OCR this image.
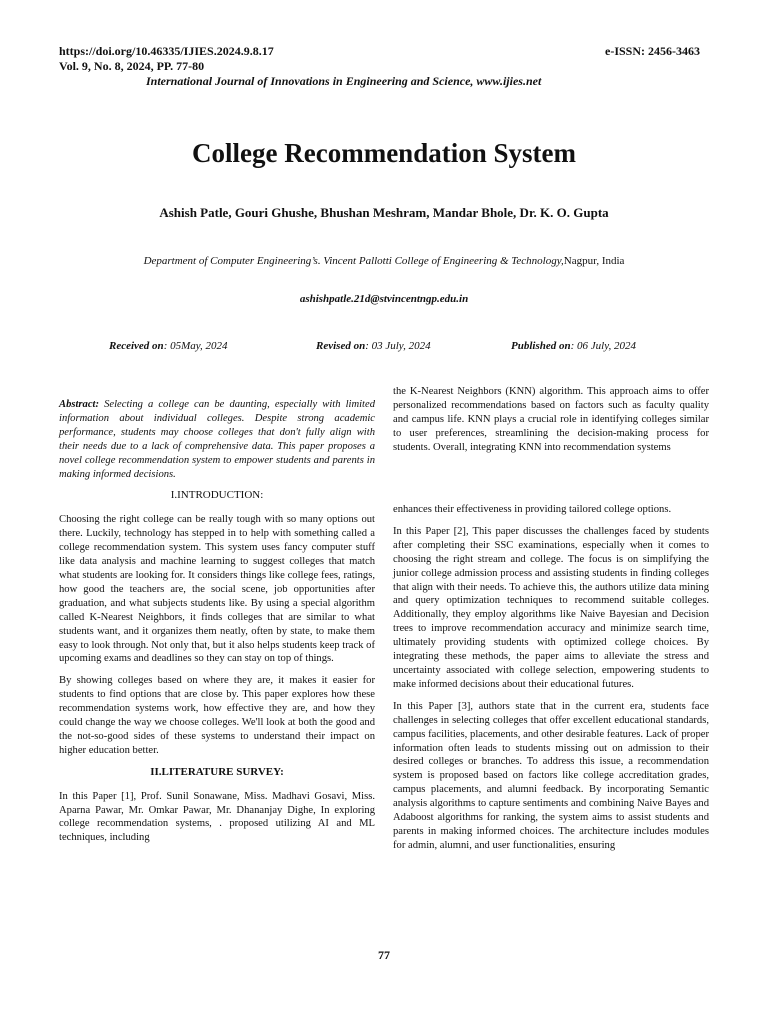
https://doi.org/10.46335/IJIES.2024.9.8.17	e-ISSN: 2456-3463
Vol. 9, No. 8, 2024, PP. 77-80
International Journal of Innovations in Engineering and Science, www.ijies.net
College Recommendation System
Ashish Patle, Gouri Ghushe, Bhushan Meshram, Mandar Bhole, Dr. K. O. Gupta
Department of Computer Engineering’s. Vincent Pallotti College of Engineering & Technology,Nagpur, India
ashishpatle.21d@stvincentngp.edu.in
Received on: 05May, 2024	Revised on: 03 July, 2024	Published on: 06 July, 2024

Abstract: Selecting a college can be daunting, especially with limited information about individual colleges. Despite strong academic performance, students may choose colleges that don't fully align with their needs due to a lack of comprehensive data. This paper proposes a novel college recommendation system to empower students and parents in making informed decisions.

I.INTRODUCTION:

Choosing the right college can be really tough with so many options out there. Luckily, technology has stepped in to help with something called a college recommendation system. This system uses fancy computer stuff like data analysis and machine learning to suggest colleges that match what students are looking for. It considers things like college fees, ratings, how good the teachers are, the social scene, job opportunities after graduation, and what subjects students like. By using a special algorithm called K-Nearest Neighbors, it finds colleges that are similar to what students want, and it organizes them neatly, often by state, to make them easy to look through. Not only that, but it also helps students keep track of upcoming exams and deadlines so they can stay on top of things.

By showing colleges based on where they are, it makes it easier for students to find options that are close by. This paper explores how these recommendation systems work, how effective they are, and how they could change the way we choose colleges. We'll look at both the good and the not-so-good sides of these systems to understand their impact on higher education better.

II.LITERATURE SURVEY:

In this Paper [1], Prof. Sunil Sonawane, Miss. Madhavi Gosavi, Miss. Aparna Pawar, Mr. Omkar Pawar, Mr. Dhananjay Dighe, In exploring college recommendation systems, . proposed utilizing AI and ML techniques, including

the K-Nearest Neighbors (KNN) algorithm. This approach aims to offer personalized recommendations based on factors such as faculty quality and campus life. KNN plays a crucial role in identifying colleges similar to user preferences, streamlining the decision-making process for students. Overall, integrating KNN into recommendation systems

enhances their effectiveness in providing tailored college options.

In this Paper [2], This paper discusses the challenges faced by students after completing their SSC examinations, especially when it comes to choosing the right stream and college. The focus is on simplifying the junior college admission process and assisting students in finding colleges that align with their needs. To achieve this, the authors utilize data mining and query optimization techniques to recommend suitable colleges. Additionally, they employ algorithms like Naive Bayesian and Decision trees to improve recommendation accuracy and minimize search time, ultimately providing students with optimized college choices. By integrating these methods, the paper aims to alleviate the stress and uncertainty associated with college selection, empowering students to make informed decisions about their educational futures.

In this Paper [3], authors state that in the current era, students face challenges in selecting colleges that offer excellent educational standards, campus facilities, placements, and other desirable features. Lack of proper information often leads to students missing out on admission to their desired colleges or branches. To address this issue, a recommendation system is proposed based on factors like college accreditation grades, campus placements, and alumni feedback. By incorporating Semantic analysis algorithms to capture sentiments and combining Naive Bayes and Adaboost algorithms for ranking, the system aims to assist students and parents in making informed choices. The architecture includes modules for admin, alumni, and user functionalities, ensuring

77
